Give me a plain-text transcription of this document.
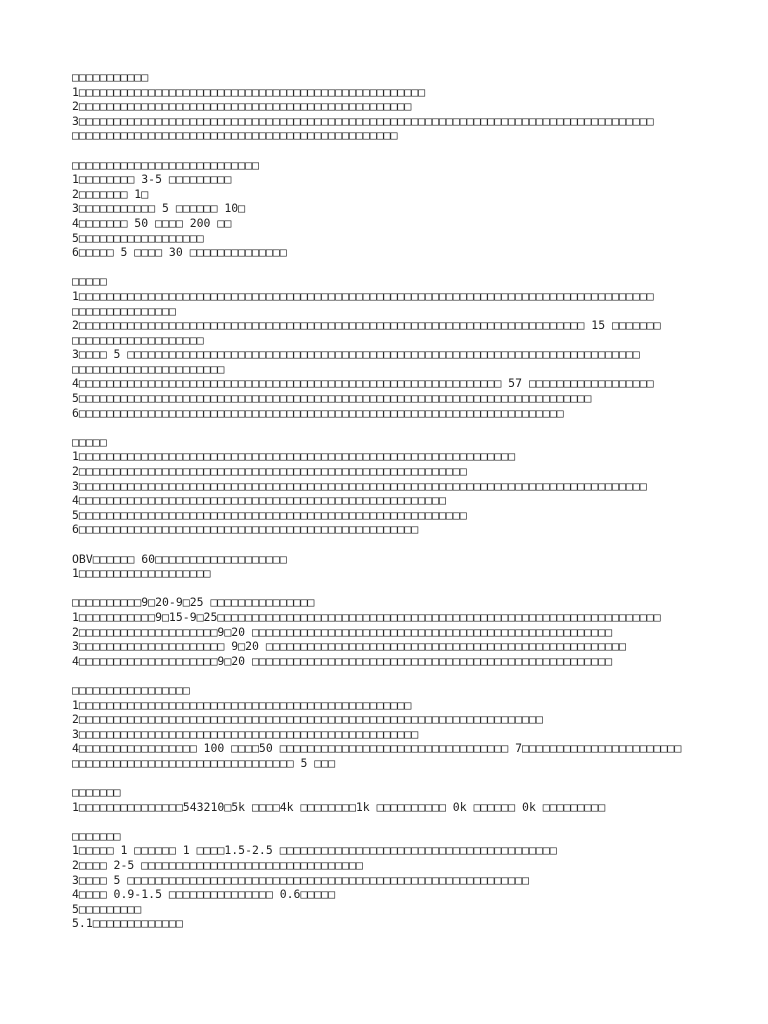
□□□□□□□□□□□
1□□□□□□□□□□□□□□□□□□□□□□□□□□□□□□□□□□□□□□□□□□□□□□□□□□
2□□□□□□□□□□□□□□□□□□□□□□□□□□□□□□□□□□□□□□□□□□□□□□□□
3□□□□□□□□□□□□□□□□□□□□□□□□□□□□□□□□□□□□□□□□□□□□□□□□□□□□□□□□□□□□□□□□□□□□□□□□□□□□□□□□□□□
□□□□□□□□□□□□□□□□□□□□□□□□□□□□□□□□□□□□□□□□□□□□□□□
□□□□□□□□□□□□□□□□□□□□□□□□□□□
1□□□□□□□□ 3-5 □□□□□□□□□
2□□□□□□□ 1□
3□□□□□□□□□□□ 5 □□□□□□ 10□
4□□□□□□□ 50 □□□□ 200 □□
5□□□□□□□□□□□□□□□□□□
6□□□□□ 5 □□□□ 30 □□□□□□□□□□□□□□
□□□□□
1□□□□□□□□□□□□□□□□□□□□□□□□□□□□□□□□□□□□□□□□□□□□□□□□□□□□□□□□□□□□□□□□□□□□□□□□□□□□□□□□□□□
□□□□□□□□□□□□□□□
2□□□□□□□□□□□□□□□□□□□□□□□□□□□□□□□□□□□□□□□□□□□□□□□□□□□□□□□□□□□□□□□□□□□□□□□□□ 15 □□□□□□□
□□□□□□□□□□□□□□□□□□□
3□□□□ 5 □□□□□□□□□□□□□□□□□□□□□□□□□□□□□□□□□□□□□□□□□□□□□□□□□□□□□□□□□□□□□□□□□□□□□□□□□□
□□□□□□□□□□□□□□□□□□□□□□
4□□□□□□□□□□□□□□□□□□□□□□□□□□□□□□□□□□□□□□□□□□□□□□□□□□□□□□□□□□□□□ 57 □□□□□□□□□□□□□□□□□□
5□□□□□□□□□□□□□□□□□□□□□□□□□□□□□□□□□□□□□□□□□□□□□□□□□□□□□□□□□□□□□□□□□□□□□□□□□□
6□□□□□□□□□□□□□□□□□□□□□□□□□□□□□□□□□□□□□□□□□□□□□□□□□□□□□□□□□□□□□□□□□□□□□□
□□□□□
1□□□□□□□□□□□□□□□□□□□□□□□□□□□□□□□□□□□□□□□□□□□□□□□□□□□□□□□□□□□□□□□
2□□□□□□□□□□□□□□□□□□□□□□□□□□□□□□□□□□□□□□□□□□□□□□□□□□□□□□□□
3□□□□□□□□□□□□□□□□□□□□□□□□□□□□□□□□□□□□□□□□□□□□□□□□□□□□□□□□□□□□□□□□□□□□□□□□□□□□□□□□□□
4□□□□□□□□□□□□□□□□□□□□□□□□□□□□□□□□□□□□□□□□□□□□□□□□□□□□□
5□□□□□□□□□□□□□□□□□□□□□□□□□□□□□□□□□□□□□□□□□□□□□□□□□□□□□□□□
6□□□□□□□□□□□□□□□□□□□□□□□□□□□□□□□□□□□□□□□□□□□□□□□□□
OBV□□□□□□ 60□□□□□□□□□□□□□□□□□□□
1□□□□□□□□□□□□□□□□□□□
□□□□□□□□□□9□20-9□25 □□□□□□□□□□□□□□□
1□□□□□□□□□□□9□15-9□25□□□□□□□□□□□□□□□□□□□□□□□□□□□□□□□□□□□□□□□□□□□□□□□□□□□□□□□□□□□□□□□□
2□□□□□□□□□□□□□□□□□□□□9□20 □□□□□□□□□□□□□□□□□□□□□□□□□□□□□□□□□□□□□□□□□□□□□□□□□□□□
3□□□□□□□□□□□□□□□□□□□□□ 9□20 □□□□□□□□□□□□□□□□□□□□□□□□□□□□□□□□□□□□□□□□□□□□□□□□□□□□
4□□□□□□□□□□□□□□□□□□□□9□20 □□□□□□□□□□□□□□□□□□□□□□□□□□□□□□□□□□□□□□□□□□□□□□□□□□□□
□□□□□□□□□□□□□□□□□
1□□□□□□□□□□□□□□□□□□□□□□□□□□□□□□□□□□□□□□□□□□□□□□□□
2□□□□□□□□□□□□□□□□□□□□□□□□□□□□□□□□□□□□□□□□□□□□□□□□□□□□□□□□□□□□□□□□□□□
3□□□□□□□□□□□□□□□□□□□□□□□□□□□□□□□□□□□□□□□□□□□□□□□□□
4□□□□□□□□□□□□□□□□□ 100 □□□□50 □□□□□□□□□□□□□□□□□□□□□□□□□□□□□□□□□ 7□□□□□□□□□□□□□□□□□□□□□□□
□□□□□□□□□□□□□□□□□□□□□□□□□□□□□□□□ 5 □□□
□□□□□□□
1□□□□□□□□□□□□□□□543210□5k □□□□4k □□□□□□□□1k □□□□□□□□□□ 0k □□□□□□ 0k □□□□□□□□□
□□□□□□□
1□□□□□ 1 □□□□□□ 1 □□□□1.5-2.5 □□□□□□□□□□□□□□□□□□□□□□□□□□□□□□□□□□□□□□□□
2□□□□ 2-5 □□□□□□□□□□□□□□□□□□□□□□□□□□□□□□□□
3□□□□ 5 □□□□□□□□□□□□□□□□□□□□□□□□□□□□□□□□□□□□□□□□□□□□□□□□□□□□□□□□□□
4□□□□ 0.9-1.5 □□□□□□□□□□□□□□□ 0.6□□□□□
5□□□□□□□□□
5.1□□□□□□□□□□□□□
